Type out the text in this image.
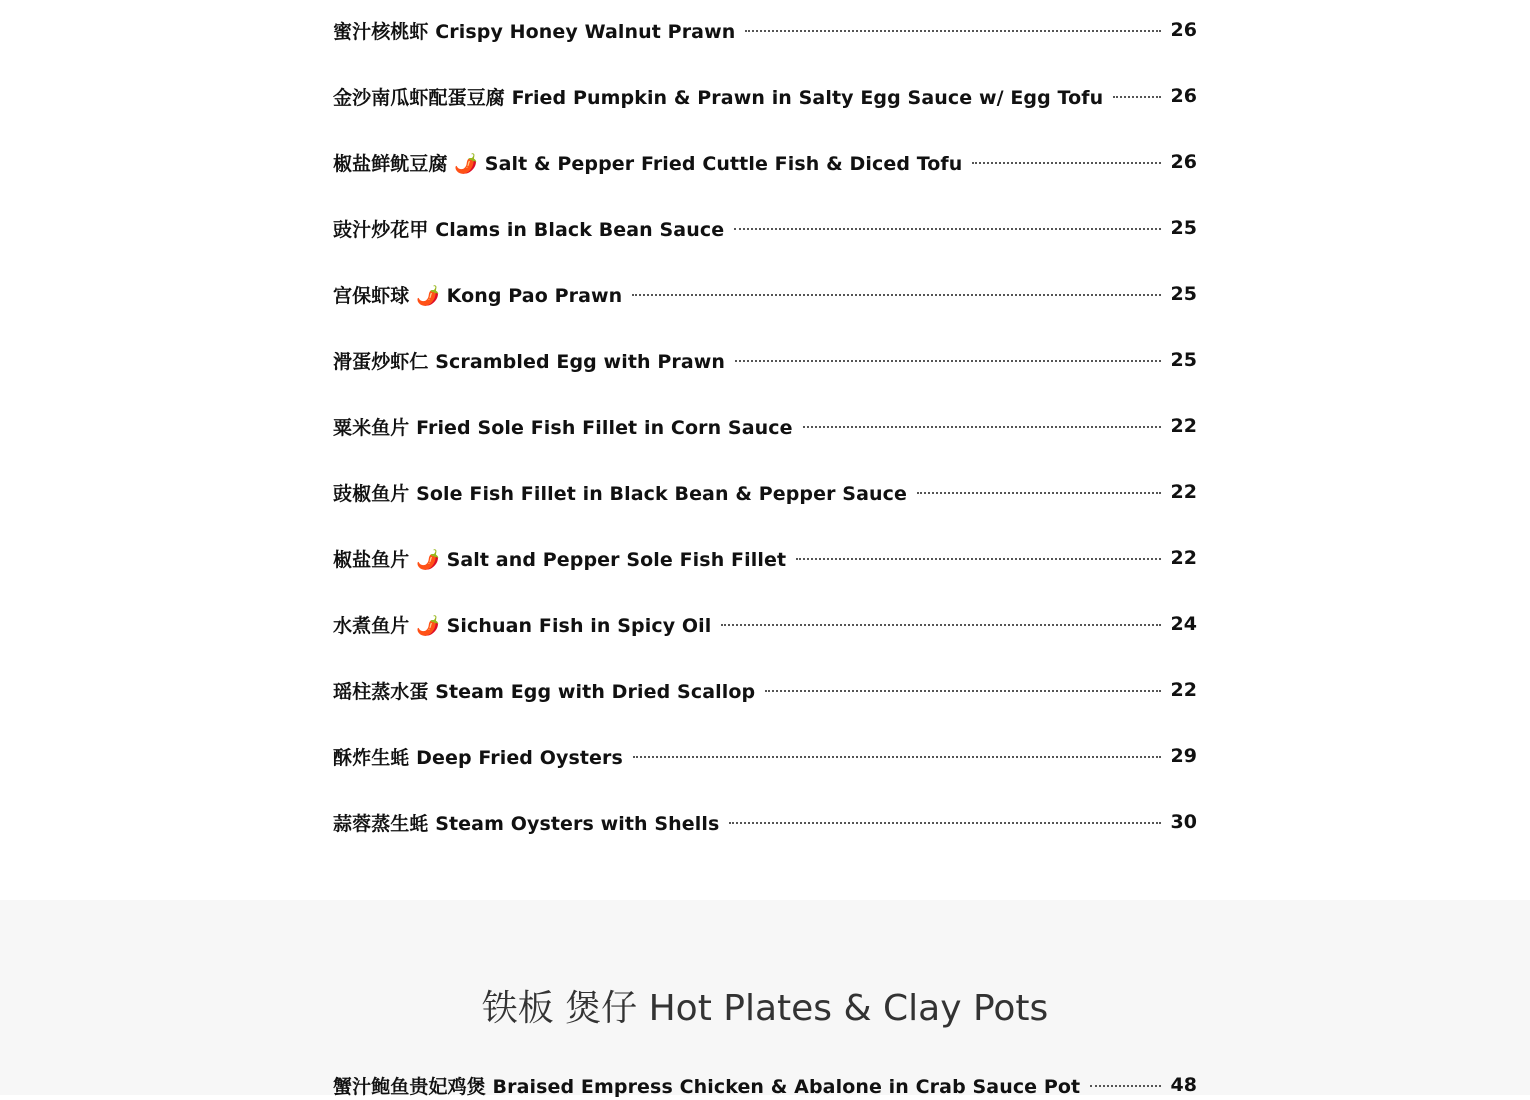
蜜汁核桃虾 Crispy Honey Walnut Prawn	26
金沙南瓜虾配蛋豆腐 Fried Pumpkin & Prawn in Salty Egg Sauce w/ Egg Tofu	26
椒盐鲜鱿豆腐 🌶️ Salt & Pepper Fried Cuttle Fish & Diced Tofu	26
豉汁炒花甲 Clams in Black Bean Sauce	25
宫保虾球 🌶️ Kong Pao Prawn	25
滑蛋炒虾仁 Scrambled Egg with Prawn	25
粟米鱼片 Fried Sole Fish Fillet in Corn Sauce	22
豉椒鱼片 Sole Fish Fillet in Black Bean & Pepper Sauce	22
椒盐鱼片 🌶️ Salt and Pepper Sole Fish Fillet	22
水煮鱼片 🌶️ Sichuan Fish in Spicy Oil	24
瑶柱蒸水蛋 Steam Egg with Dried Scallop	22
酥炸生蚝 Deep Fried Oysters	29
蒜蓉蒸生蚝 Steam Oysters with Shells	30
铁板 煲仔 Hot Plates & Clay Pots
蟹汁鲍鱼贵妃鸡煲 Braised Empress Chicken & Abalone in Crab Sauce Pot	48
